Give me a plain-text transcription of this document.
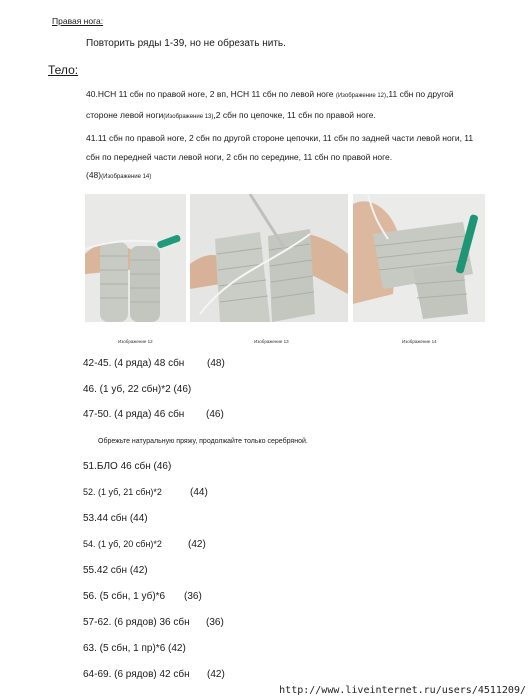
Правая нога:
Повторить ряды 1-39, но не обрезать нить.
Тело:
40.НСН 11 сбн по правой ноге, 2 вп, НСН 11 сбн по левой ноге (Изображение 12),11 сбн по другой стороне левой ноги(Изображение 13),2 сбн по цепочке, 11 сбн по правой ноге.
41.11 сбн по правой ноге, 2 сбн по другой стороне цепочки, 11 сбн по задней части левой ноги, 11 сбн по передней части левой ноги, 2 сбн по середине, 11 сбн по правой ноге.
(48)(Изображение 14)
Изображение 12	Изображение 13	Изображение 14
42-45. (4 ряда) 48 сбн (48)
46. (1 уб, 22 сбн)*2 (46)
47-50. (4 ряда) 46 сбн (46)
Обрежьте натуральную пряжу, продолжайте только серебряной.
51.БЛО 46 сбн (46)
52. (1 уб, 21 сбн)*2	(44)
53.44 сбн (44)
54. (1 уб, 20 сбн)*2	(42)
55.42 сбн (42)
56. (5 сбн, 1 уб)*6 (36)
57-62. (6 рядов) 36 сбн (36)
63. (5 сбн, 1 пр)*6 (42)
64-69. (6 рядов) 42 сбн (42)
http://www.liveinternet.ru/users/4511209/
